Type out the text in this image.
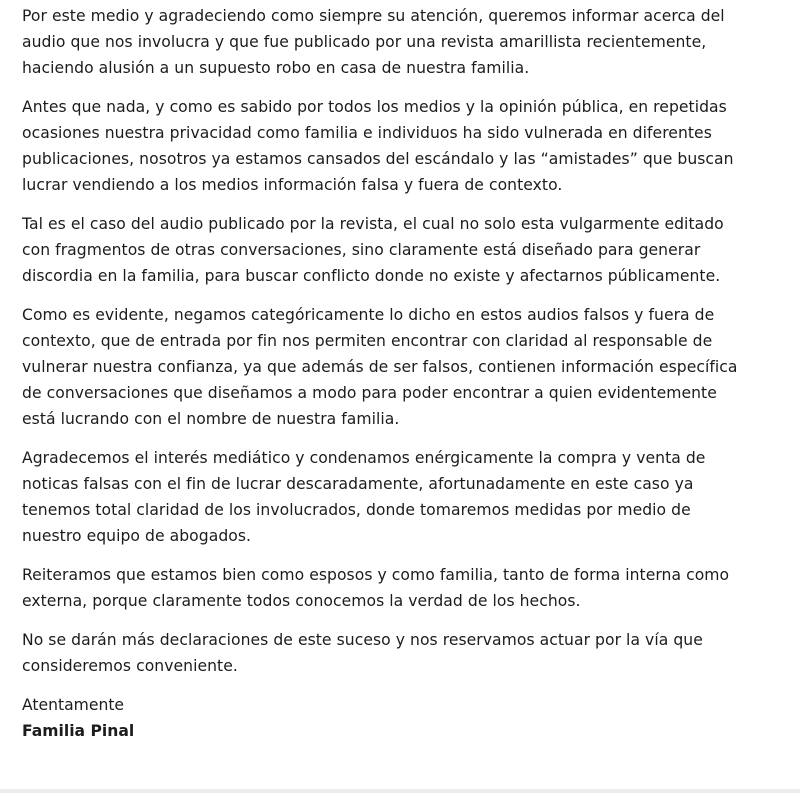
Por este medio y agradeciendo como siempre su atención, queremos informar acerca del
audio que nos involucra y que fue publicado por una revista amarillista recientemente,
haciendo alusión a un supuesto robo en casa de nuestra familia.
Antes que nada, y como es sabido por todos los medios y la opinión pública, en repetidas
ocasiones nuestra privacidad como familia e individuos ha sido vulnerada en diferentes
publicaciones, nosotros ya estamos cansados del escándalo y las “amistades” que buscan
lucrar vendiendo a los medios información falsa y fuera de contexto.
Tal es el caso del audio publicado por la revista, el cual no solo esta vulgarmente editado
con fragmentos de otras conversaciones, sino claramente está diseñado para generar
discordia en la familia, para buscar conflicto donde no existe y afectarnos públicamente.
Como es evidente, negamos categóricamente lo dicho en estos audios falsos y fuera de
contexto, que de entrada por fin nos permiten encontrar con claridad al responsable de
vulnerar nuestra confianza, ya que además de ser falsos, contienen información específica
de conversaciones que diseñamos a modo para poder encontrar a quien evidentemente
está lucrando con el nombre de nuestra familia.
Agradecemos el interés mediático y condenamos enérgicamente la compra y venta de
noticas falsas con el fin de lucrar descaradamente, afortunadamente en este caso ya
tenemos total claridad de los involucrados, donde tomaremos medidas por medio de
nuestro equipo de abogados.
Reiteramos que estamos bien como esposos y como familia, tanto de forma interna como
externa, porque claramente todos conocemos la verdad de los hechos.
No se darán más declaraciones de este suceso y nos reservamos actuar por la vía que
consideremos conveniente.
Atentamente
Familia Pinal
